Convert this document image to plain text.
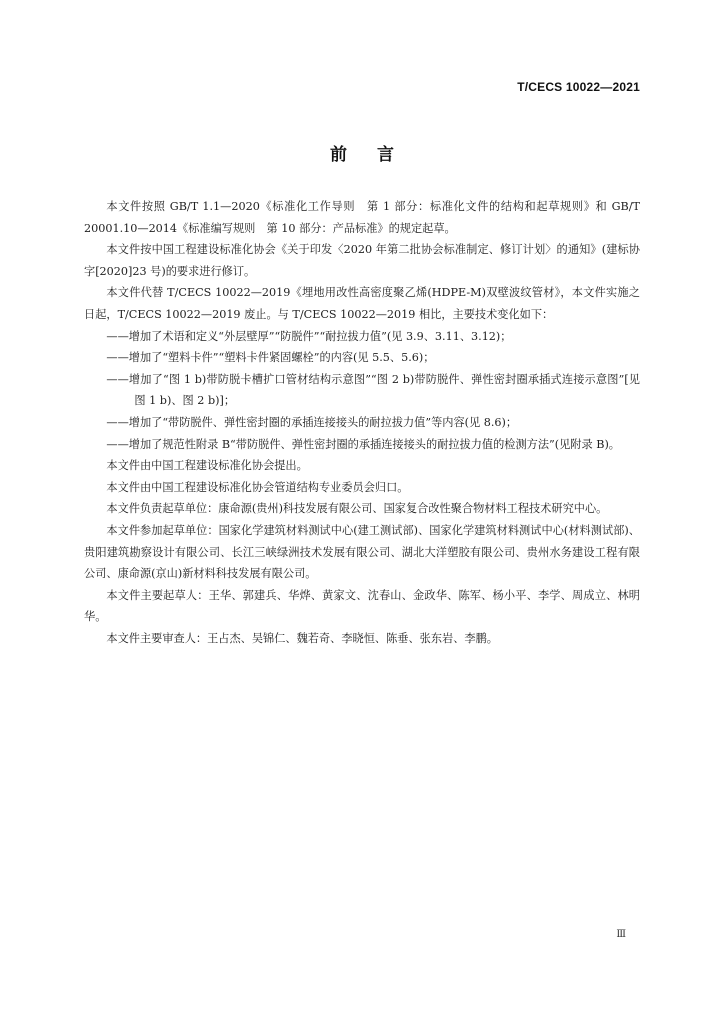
T/CECS 10022—2021
前言

本文件按照 GB/T 1.1—2020《标准化工作导则　第 1 部分：标准化文件的结构和起草规则》和 GB/T 20001.10—2014《标准编写规则　第 10 部分：产品标准》的规定起草。

本文件按中国工程建设标准化协会《关于印发〈2020 年第二批协会标准制定、修订计划〉的通知》(建标协字[2020]23 号)的要求进行修订。

本文件代替 T/CECS 10022—2019《埋地用改性高密度聚乙烯(HDPE-M)双壁波纹管材》，本文件实施之日起，T/CECS 10022—2019 废止。与 T/CECS 10022—2019 相比，主要技术变化如下：

——增加了术语和定义“外层壁厚”“防脱件”“耐拉拔力值”(见 3.9、3.11、3.12)；

——增加了“塑料卡件”“塑料卡件紧固螺栓”的内容(见 5.5、5.6)；

——增加了“图 1 b)带防脱卡槽扩口管材结构示意图”“图 2 b)带防脱件、弹性密封圈承插式连接示意图”[见图 1 b)、图 2 b)]；

——增加了“带防脱件、弹性密封圈的承插连接接头的耐拉拔力值”等内容(见 8.6)；

——增加了规范性附录 B“带防脱件、弹性密封圈的承插连接接头的耐拉拔力值的检测方法”(见附录 B)。

本文件由中国工程建设标准化协会提出。

本文件由中国工程建设标准化协会管道结构专业委员会归口。

本文件负责起草单位：康命源(贵州)科技发展有限公司、国家复合改性聚合物材料工程技术研究中心。

本文件参加起草单位：国家化学建筑材料测试中心(建工测试部)、国家化学建筑材料测试中心(材料测试部)、贵阳建筑勘察设计有限公司、长江三峡绿洲技术发展有限公司、湖北大洋塑胶有限公司、贵州水务建设工程有限公司、康命源(京山)新材料科技发展有限公司。

本文件主要起草人：王华、郭建兵、华烨、黄家文、沈春山、金政华、陈军、杨小平、李学、周成立、林明华。

本文件主要审查人：王占杰、吴锦仁、魏若奇、李晓恒、陈垂、张东岩、李鹏。

Ⅲ
